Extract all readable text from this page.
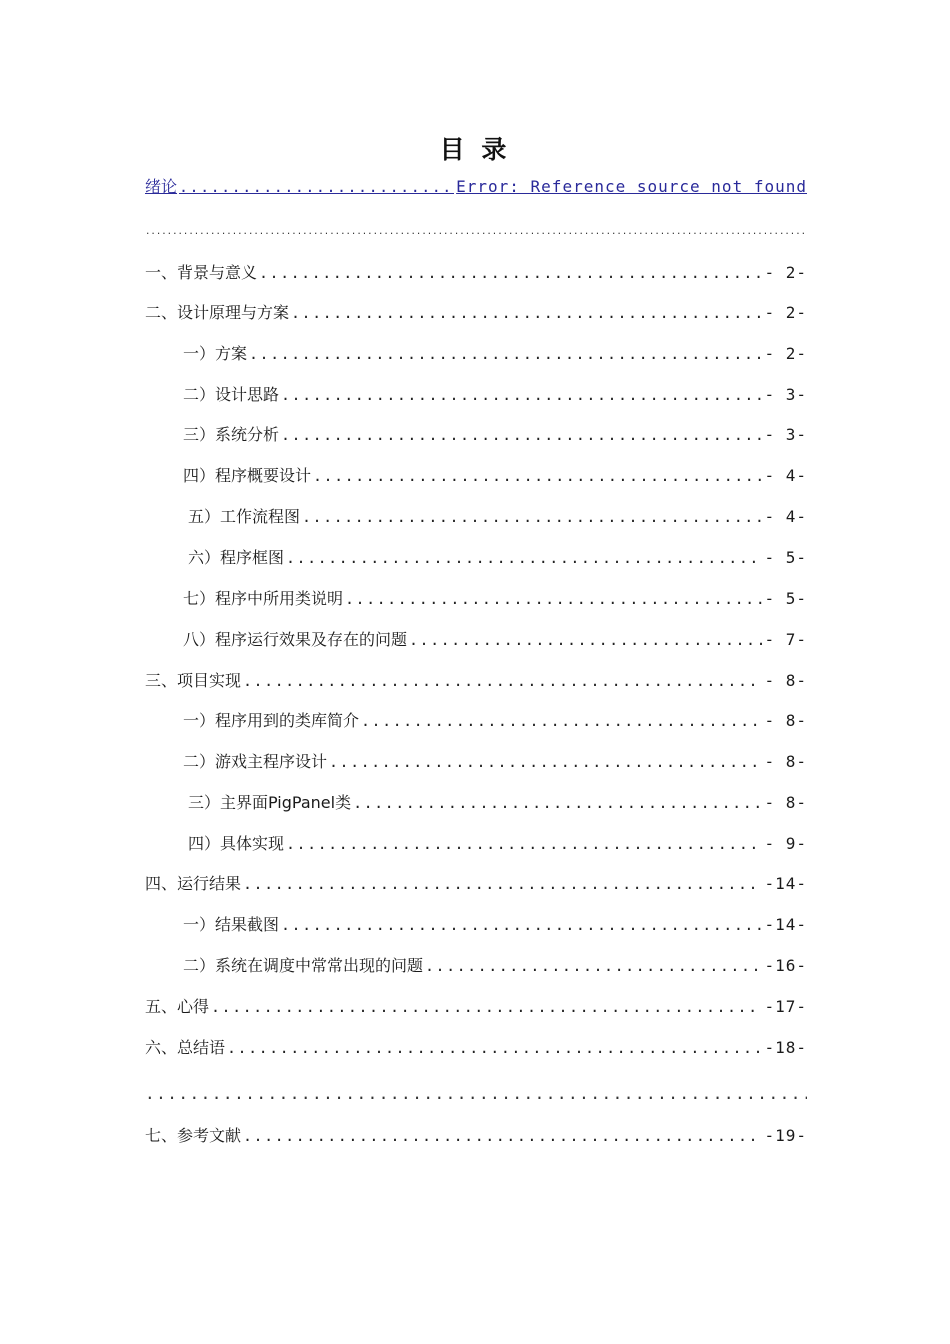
目 录
绪论 .....	Error: Reference source not found
.....
一、背景与意义 .....	- 2-
二、设计原理与方案 .....	- 2-
一）方案 .....	- 2-
二）设计思路 .....	- 3-
三）系统分析 .....	- 3-
四）程序概要设计 .....	- 4-
五）工作流程图 .....	- 4-
六）程序框图 .....	- 5-
七）程序中所用类说明 .....	- 5-
八）程序运行效果及存在的问题 .....	- 7-
三、项目实现 .....	- 8-
一）程序用到的类库简介 .....	- 8-
二）游戏主程序设计 .....	- 8-
三）主界面PigPanel类 .....	- 8-
四）具体实现 .....	- 9-
四、运行结果 .....	-14-
一）结果截图 .....	-14-
二）系统在调度中常常出现的问题 .....	-16-
五、心得 .....	-17-
六、总结语 .....	-18-
.....
七、参考文献 .....	-19-
